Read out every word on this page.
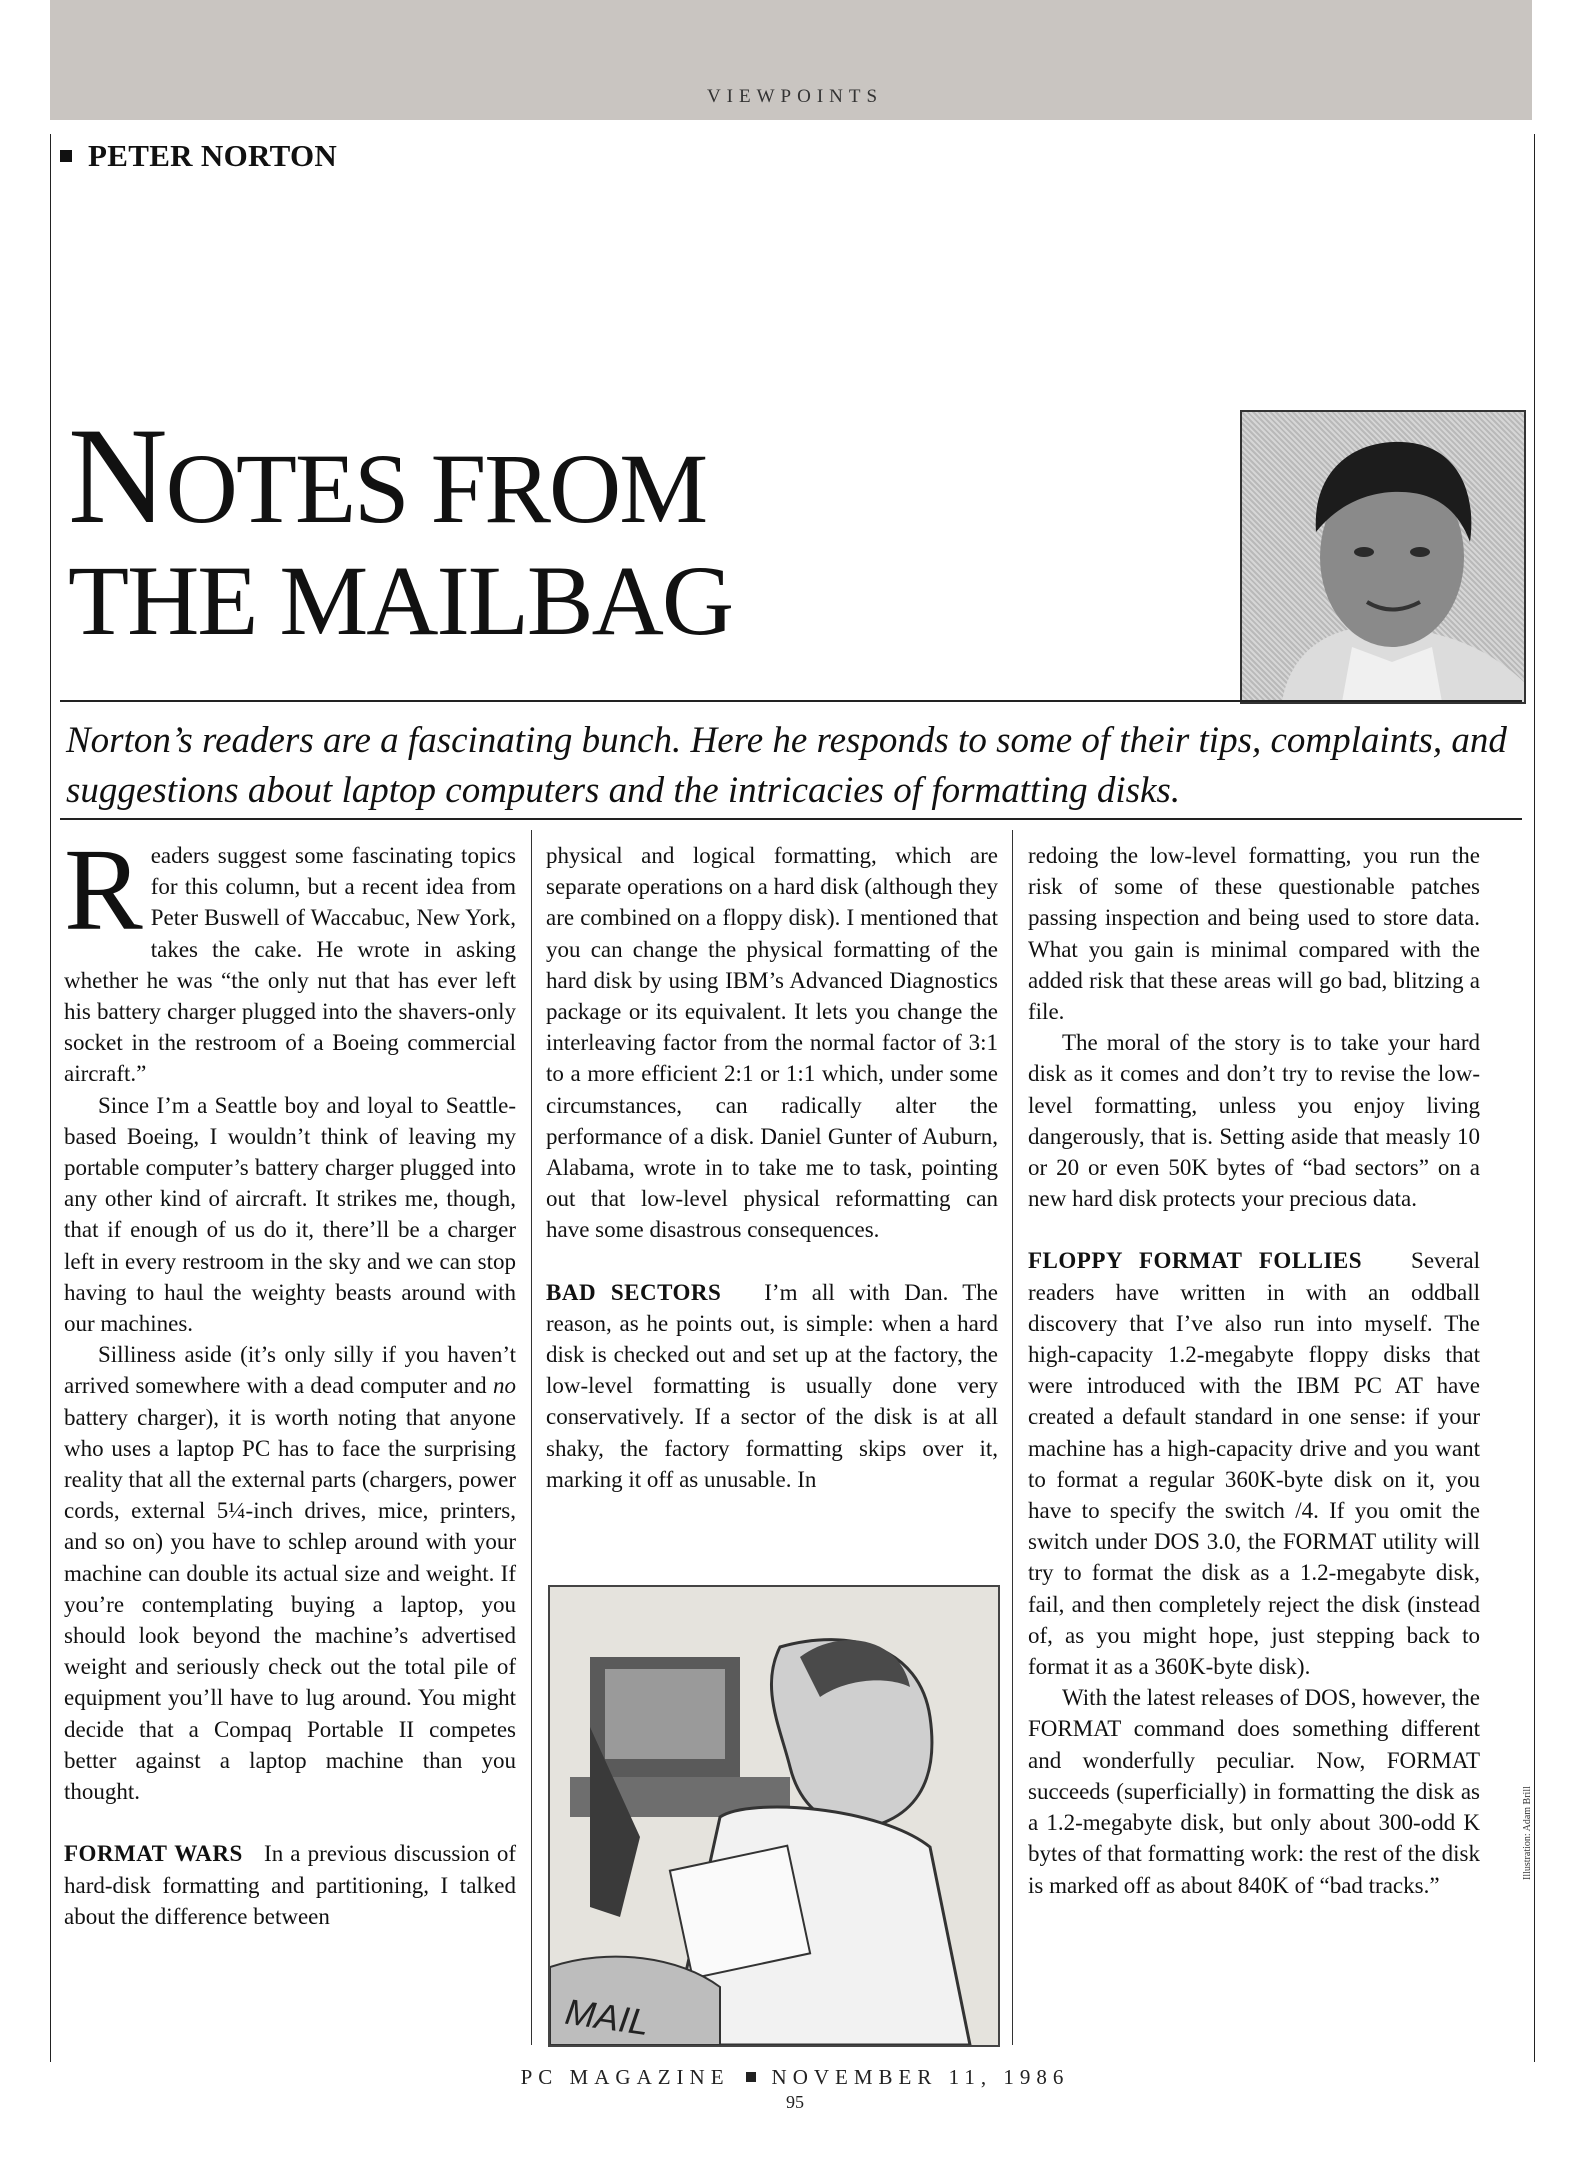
VIEWPOINTS
PETER NORTON
NOTES FROM
THE MAILBAG
Norton’s readers are a fascinating bunch. Here he responds to some of their tips, complaints, and suggestions about laptop computers and the intricacies of formatting disks.

Readers suggest some fascinating topics for this column, but a recent idea from Peter Buswell of Waccabuc, New York, takes the cake. He wrote in asking whether he was “the only nut that has ever left his battery charger plugged into the shavers-only socket in the restroom of a Boeing commercial aircraft.”

Since I’m a Seattle boy and loyal to Seattle-based Boeing, I wouldn’t think of leaving my portable computer’s battery charger plugged into any other kind of aircraft. It strikes me, though, that if enough of us do it, there’ll be a charger left in every restroom in the sky and we can stop having to haul the weighty beasts around with our machines.

Silliness aside (it’s only silly if you haven’t arrived somewhere with a dead computer and no battery charger), it is worth noting that anyone who uses a laptop PC has to face the surprising reality that all the external parts (chargers, power cords, external 5¼-inch drives, mice, printers, and so on) you have to schlep around with your machine can double its actual size and weight. If you’re contemplating buying a laptop, you should look beyond the machine’s advertised weight and seriously check out the total pile of equipment you’ll have to lug around. You might decide that a Compaq Portable II competes better against a laptop machine than you thought.

FORMAT WARS In a previous discussion of hard-disk formatting and partitioning, I talked about the difference between

physical and logical formatting, which are separate operations on a hard disk (although they are combined on a floppy disk). I mentioned that you can change the physical formatting of the hard disk by using IBM’s Advanced Diagnostics package or its equivalent. It lets you change the interleaving factor from the normal factor of 3:1 to a more efficient 2:1 or 1:1 which, under some circumstances, can radically alter the performance of a disk. Daniel Gunter of Auburn, Alabama, wrote in to take me to task, pointing out that low-level physical reformatting can have some disastrous consequences.

BAD SECTORS I’m all with Dan. The reason, as he points out, is simple: when a hard disk is checked out and set up at the factory, the low-level formatting is usually done very conservatively. If a sector of the disk is at all shaky, the factory formatting skips over it, marking it off as unusable. In

MAIL

redoing the low-level formatting, you run the risk of some of these questionable patches passing inspection and being used to store data. What you gain is minimal compared with the added risk that these areas will go bad, blitzing a file.

The moral of the story is to take your hard disk as it comes and don’t try to revise the low-level formatting, unless you enjoy living dangerously, that is. Setting aside that measly 10 or 20 or even 50K bytes of “bad sectors” on a new hard disk protects your precious data.

FLOPPY FORMAT FOLLIES Several readers have written in with an oddball discovery that I’ve also run into myself. The high-capacity 1.2-megabyte floppy disks that were introduced with the IBM PC AT have created a default standard in one sense: if your machine has a high-capacity drive and you want to format a regular 360K-byte disk on it, you have to specify the switch /4. If you omit the switch under DOS 3.0, the FORMAT utility will try to format the disk as a 1.2-megabyte disk, fail, and then completely reject the disk (instead of, as you might hope, just stepping back to format it as a 360K-byte disk).

With the latest releases of DOS, however, the FORMAT command does something different and wonderfully peculiar. Now, FORMAT succeeds (superficially) in formatting the disk as a 1.2-megabyte disk, but only about 300-odd K bytes of that formatting work: the rest of the disk is marked off as about 840K of “bad tracks.”

Illustration: Adam Brill
PC MAGAZINE NOVEMBER 11, 1986
95
